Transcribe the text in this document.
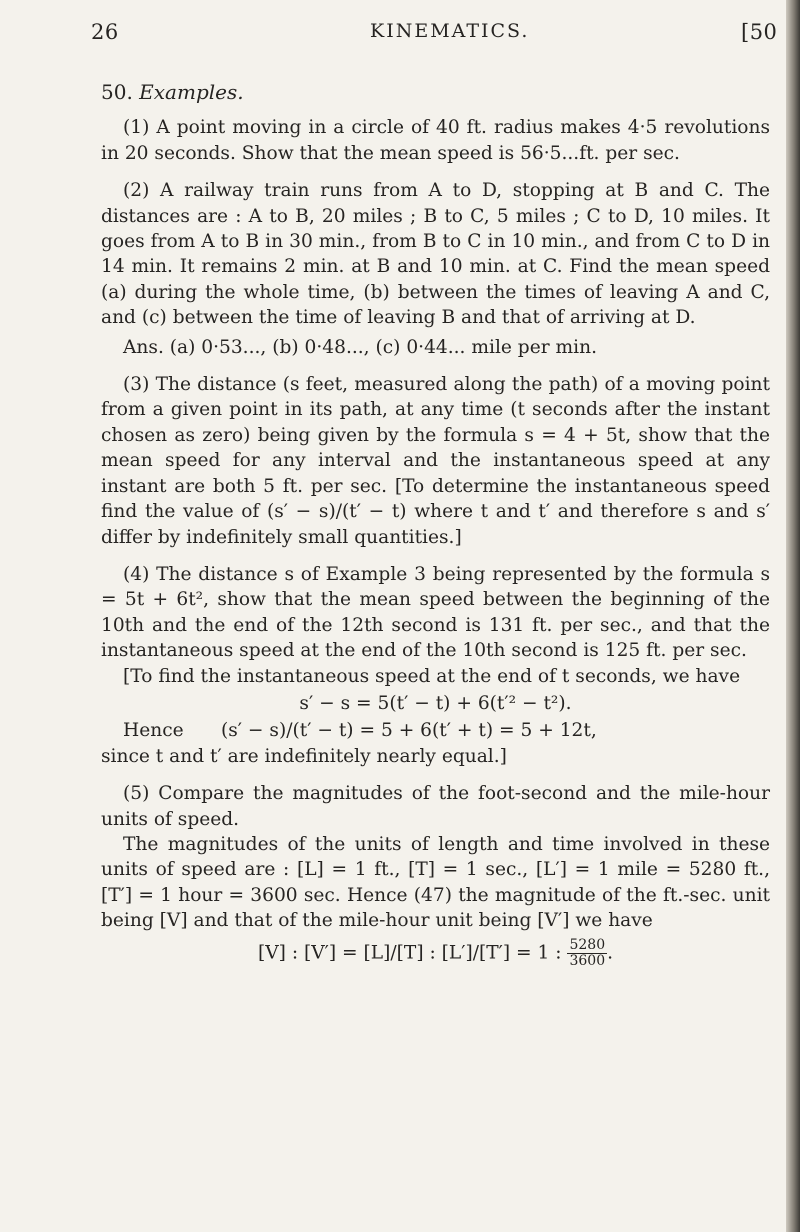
26	KINEMATICS.	[50
50. Examples.

(1) A point moving in a circle of 40 ft. radius makes 4·5 revolutions in 20 seconds. Show that the mean speed is 56·5...ft. per sec.

(2) A railway train runs from A to D, stopping at B and C. The distances are : A to B, 20 miles ; B to C, 5 miles ; C to D, 10 miles. It goes from A to B in 30 min., from B to C in 10 min., and from C to D in 14 min. It remains 2 min. at B and 10 min. at C. Find the mean speed (a) during the whole time, (b) between the times of leaving A and C, and (c) between the time of leaving B and that of arriving at D.

Ans. (a) 0·53..., (b) 0·48..., (c) 0·44... mile per min.

(3) The distance (s feet, measured along the path) of a moving point from a given point in its path, at any time (t seconds after the instant chosen as zero) being given by the formula s = 4 + 5t, show that the mean speed for any interval and the instantaneous speed at any instant are both 5 ft. per sec. [To determine the instantaneous speed find the value of (s′ − s)/(t′ − t) where t and t′ and therefore s and s′ differ by indefinitely small quantities.]

(4) The distance s of Example 3 being represented by the formula s = 5t + 6t², show that the mean speed between the beginning of the 10th and the end of the 12th second is 131 ft. per sec., and that the instantaneous speed at the end of the 10th second is 125 ft. per sec.

[To find the instantaneous speed at the end of t seconds, we have

s′ − s = 5(t′ − t) + 6(t′² − t²).

Hence	(s′ − s)/(t′ − t) = 5 + 6(t′ + t) = 5 + 12t,

since t and t′ are indefinitely nearly equal.]

(5) Compare the magnitudes of the foot-second and the mile-hour units of speed.

The magnitudes of the units of length and time involved in these units of speed are : [L] = 1 ft., [T] = 1 sec., [L′] = 1 mile = 5280 ft., [T′] = 1 hour = 3600 sec. Hence (47) the magnitude of the ft.-sec. unit being [V] and that of the mile-hour unit being [V′] we have

[V] : [V′] = [L]/[T] : [L′]/[T′] = 1 : $\frac{5280}{3600}$ .
